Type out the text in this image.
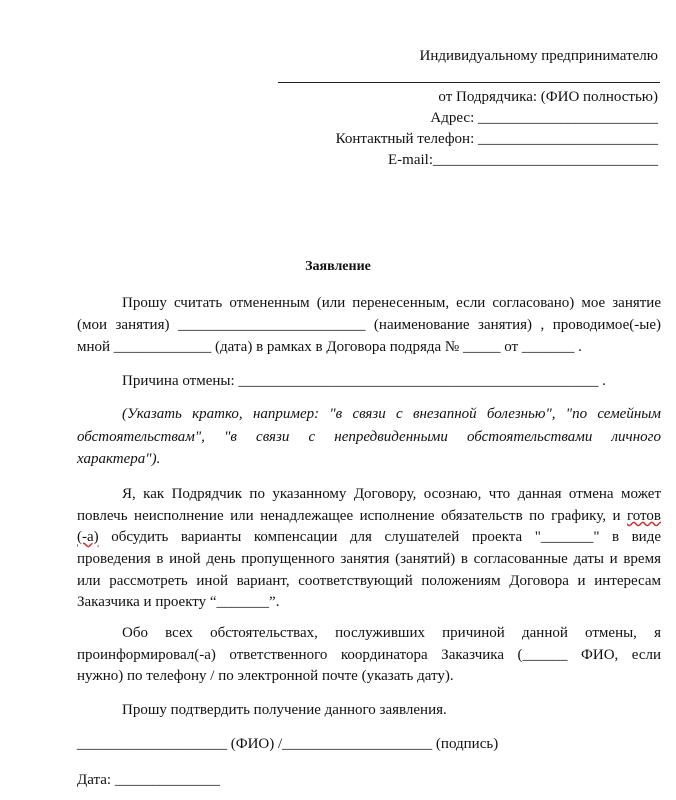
Индивидуальному предпринимателю
от Подрядчика: (ФИО полностью)
Адрес: ________________________
Контактный телефон: ________________________
E-mail:______________________________
Заявление
Прошу считать отмененным (или перенесенным, если согласовано) мое занятие
(мои занятия) _________________________ (наименование занятия) , проводимое(-ые)
мной _____________ (дата) в рамках в Договора подряда № _____ от _______ .
Причина отмены: ________________________________________________ .
(Указать кратко, например: "в связи с внезапной болезнью", "по семейным
обстоятельствам", "в связи с непредвиденными обстоятельствами личного
характера").
Я, как Подрядчик по указанному Договору, осознаю, что данная отмена может
повлечь неисполнение или ненадлежащее исполнение обязательств по графику, и готов
(-а) обсудить варианты компенсации для слушателей проекта "_______" в виде
проведения в иной день пропущенного занятия (занятий) в согласованные даты и время
или рассмотреть иной вариант, соответствующий положениям Договора и интересам
Заказчика и проекту “_______”.
Обо всех обстоятельствах, послуживших причиной данной отмены, я
проинформировал(-а) ответственного координатора Заказчика (______ ФИО, если
нужно) по телефону / по электронной почте (указать дату).
Прошу подтвердить получение данного заявления.
____________________ (ФИО) /____________________ (подпись)
Дата: ______________
